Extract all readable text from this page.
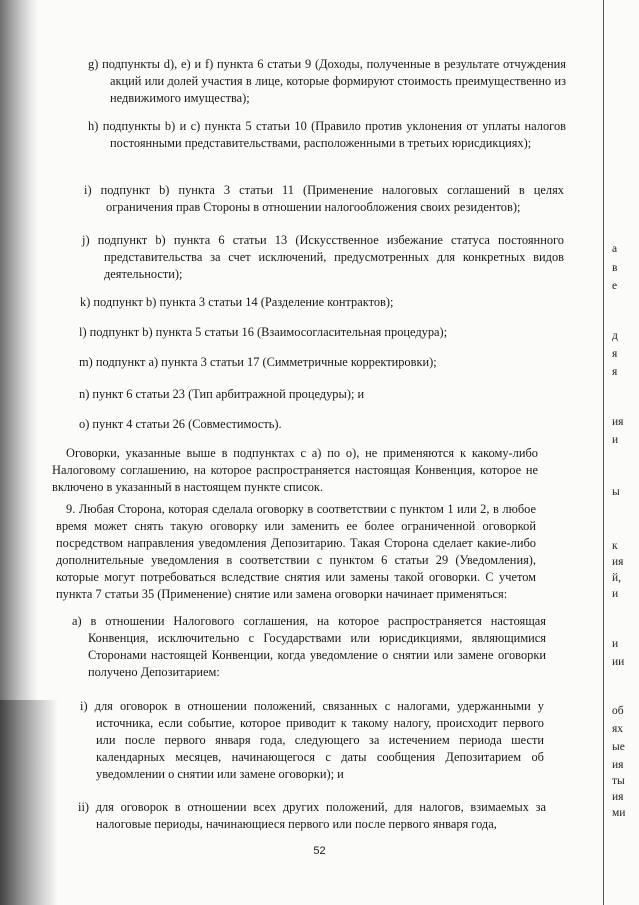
g) подпункты d), e) и f) пункта 6 статьи 9 (Доходы, полученные в результате отчуждения акций или долей участия в лице, которые формируют стоимость преимущественно из недвижимого имущества);
h) подпункты b) и c) пункта 5 статьи 10 (Правило против уклонения от уплаты налогов постоянными представительствами, расположенными в третьих юрисдикциях);
i) подпункт b) пункта 3 статьи 11 (Применение налоговых соглашений в целях ограничения прав Стороны в отношении налогообложения своих резидентов);
j) подпункт b) пункта 6 статьи 13 (Искусственное избежание статуса постоянного представительства за счет исключений, предусмотренных для конкретных видов деятельности);
k) подпункт b) пункта 3 статьи 14 (Разделение контрактов);
l) подпункт b) пункта 5 статьи 16 (Взаимосогласительная процедура);
m) подпункт a) пункта 3 статьи 17 (Симметричные корректировки);
n) пункт 6 статьи 23 (Тип арбитражной процедуры); и
o) пункт 4 статьи 26 (Совместимость).
Оговорки, указанные выше в подпунктах с a) по o), не применяются к какому-либо Налоговому соглашению, на которое распространяется настоящая Конвенция, которое не включено в указанный в настоящем пункте список.
9. Любая Сторона, которая сделала оговорку в соответствии с пунктом 1 или 2, в любое время может снять такую оговорку или заменить ее более ограниченной оговоркой посредством направления уведомления Депозитарию. Такая Сторона сделает какие-либо дополнительные уведомления в соответствии с пунктом 6 статьи 29 (Уведомления), которые могут потребоваться вследствие снятия или замены такой оговорки. С учетом пункта 7 статьи 35 (Применение) снятие или замена оговорки начинает применяться:
a) в отношении Налогового соглашения, на которое распространяется настоящая Конвенция, исключительно с Государствами или юрисдикциями, являющимися Сторонами настоящей Конвенции, когда уведомление о снятии или замене оговорки получено Депозитарием:
i) для оговорок в отношении положений, связанных с налогами, удержанными у источника, если событие, которое приводит к такому налогу, происходит первого или после первого января года, следующего за истечением периода шести календарных месяцев, начинающегося с даты сообщения Депозитарием об уведомлении о снятии или замене оговорки); и
ii) для оговорок в отношении всех других положений, для налогов, взимаемых за налоговые периоды, начинающиеся первого или после первого января года,
52
а
в
е
д
я
я
ия
и
ы
к
ия
й,
и
и
ии
об
ях
ые
ия
ты
ия
ми
